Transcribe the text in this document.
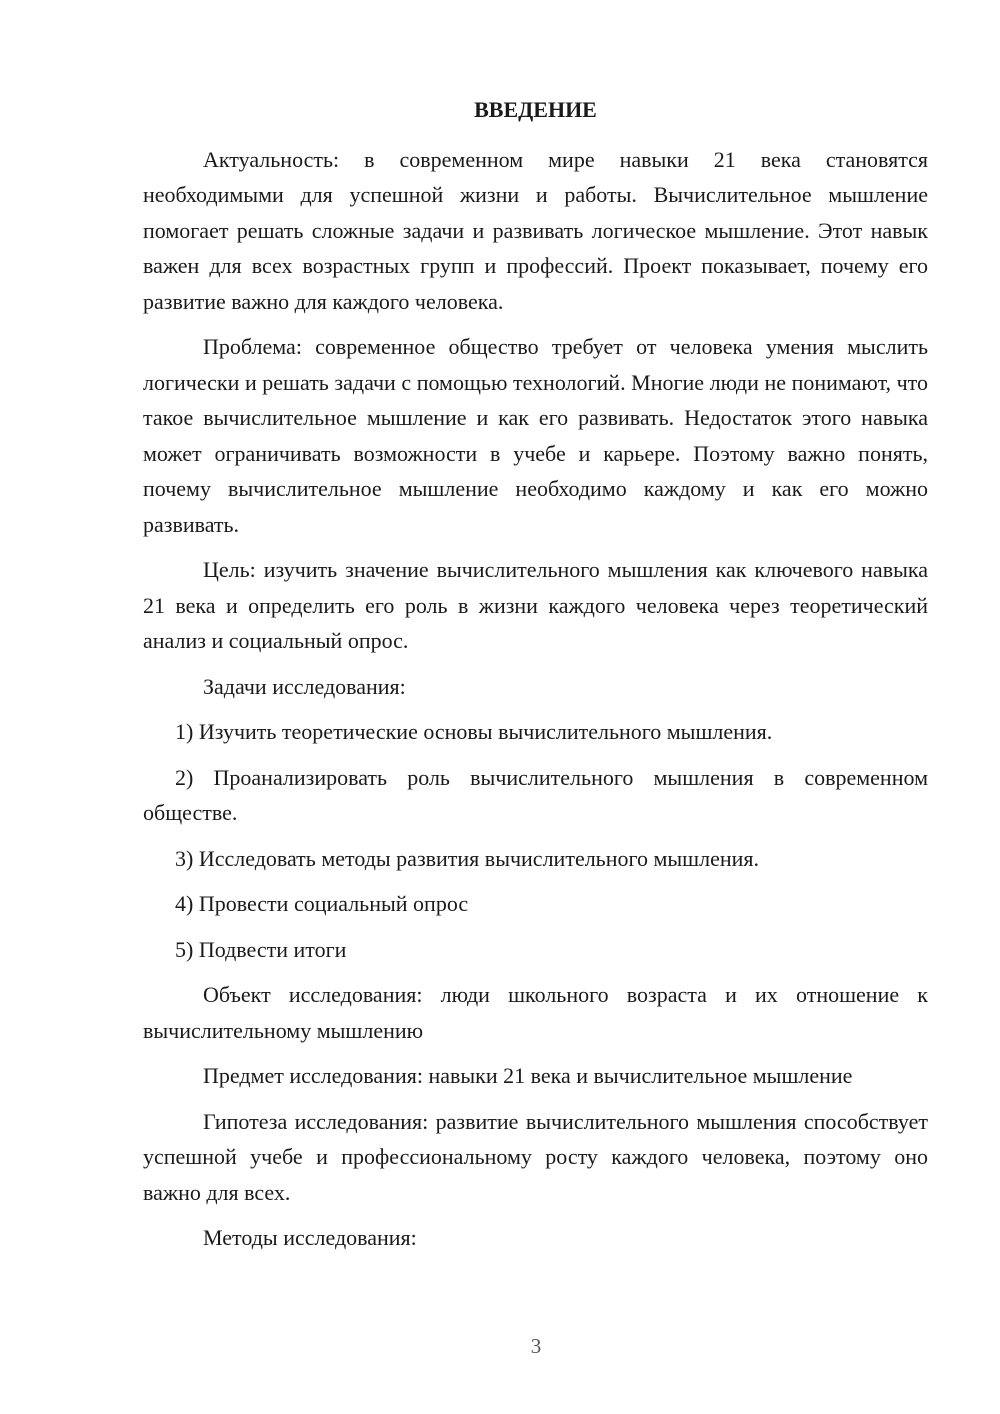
ВВЕДЕНИЕ

Актуальность: в современном мире навыки 21 века становятся необходимыми для успешной жизни и работы. Вычислительное мышление помогает решать сложные задачи и развивать логическое мышление. Этот навык важен для всех возрастных групп и профессий. Проект показывает, почему его развитие важно для каждого человека.

Проблема: современное общество требует от человека умения мыслить логически и решать задачи с помощью технологий. Многие люди не понимают, что такое вычислительное мышление и как его развивать. Недостаток этого навыка может ограничивать возможности в учебе и карьере. Поэтому важно понять, почему вычислительное мышление необходимо каждому и как его можно развивать.

Цель: изучить значение вычислительного мышления как ключевого навыка 21 века и определить его роль в жизни каждого человека через теоретический анализ и социальный опрос.

Задачи исследования:

1) Изучить теоретические основы вычислительного мышления.

2) Проанализировать роль вычислительного мышления в современном обществе.

3) Исследовать методы развития вычислительного мышления.

4) Провести социальный опрос

5) Подвести итоги

Объект исследования: люди школьного возраста и их отношение к вычислительному мышлению

Предмет исследования: навыки 21 века и вычислительное мышление

Гипотеза исследования: развитие вычислительного мышления способствует успешной учебе и профессиональному росту каждого человека, поэтому оно важно для всех.

Методы исследования:

3
